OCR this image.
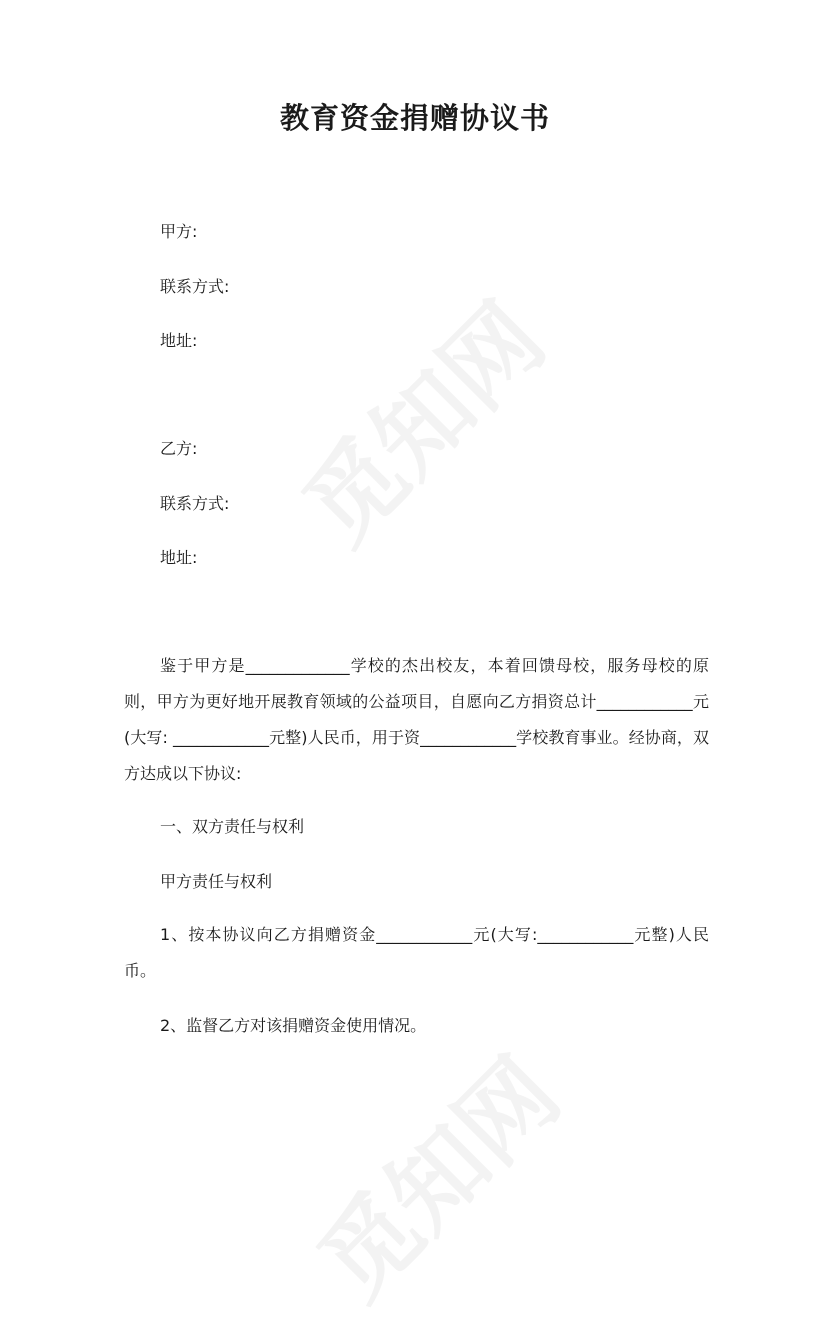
觅知网
觅知网
教育资金捐赠协议书

甲方:

联系方式:

地址:

乙方:

联系方式:

地址:

鉴于甲方是_____________学校的杰出校友，本着回馈母校，服务母校的原则，甲方为更好地开展教育领域的公益项目，自愿向乙方捐资总计____________元(大写: ____________元整)人民币，用于资____________学校教育事业。经协商，双方达成以下协议:

一、双方责任与权利

甲方责任与权利

1、按本协议向乙方捐赠资金____________元(大写:____________元整)人民币。

2、监督乙方对该捐赠资金使用情况。
